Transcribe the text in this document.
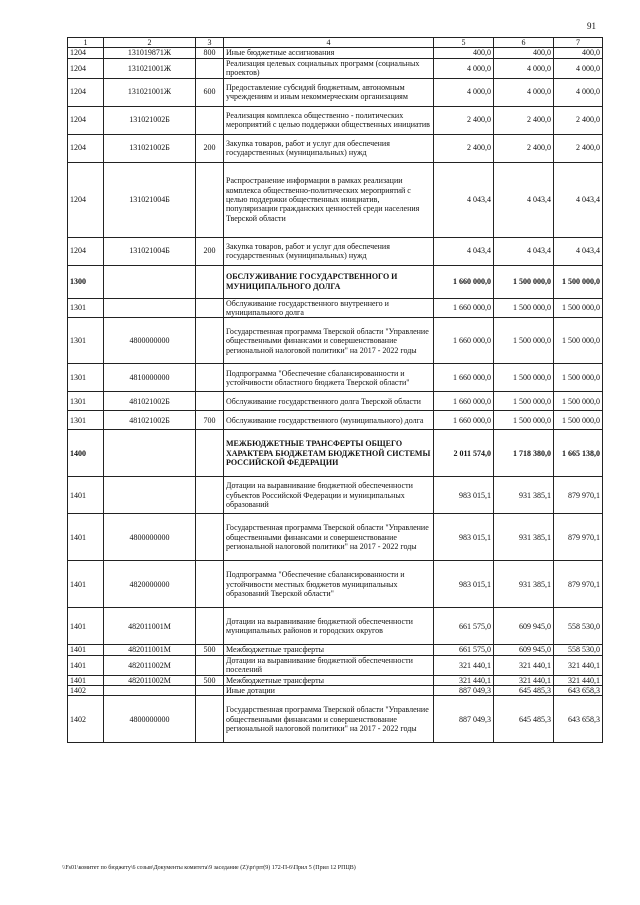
91
1	2	3	4	5	6	7
1204	131019871Ж	800	Иные бюджетные ассигнования	400,0	400,0	400,0
1204	131021001Ж		Реализация целевых социальных программ (социальных проектов)	4 000,0	4 000,0	4 000,0
1204	131021001Ж	600	Предоставление субсидий бюджетным, автономным учреждениям и иным некоммерческим организациям	4 000,0	4 000,0	4 000,0
1204	131021002Б		Реализация комплекса общественно - политических мероприятий с целью поддержки общественных инициатив	2 400,0	2 400,0	2 400,0
1204	131021002Б	200	Закупка товаров, работ и услуг для обеспечения государственных (муниципальных) нужд	2 400,0	2 400,0	2 400,0
1204	131021004Б		Распространение информации в рамках реализации комплекса общественно-политических мероприятий с целью поддержки общественных инициатив, популяризации гражданских ценностей среди населения Тверской области	4 043,4	4 043,4	4 043,4
1204	131021004Б	200	Закупка товаров, работ и услуг для обеспечения государственных (муниципальных) нужд	4 043,4	4 043,4	4 043,4
1300			ОБСЛУЖИВАНИЕ ГОСУДАРСТВЕННОГО И МУНИЦИПАЛЬНОГО ДОЛГА	1 660 000,0	1 500 000,0	1 500 000,0
1301			Обслуживание государственного внутреннего и муниципального долга	1 660 000,0	1 500 000,0	1 500 000,0
1301	4800000000		Государственная программа Тверской области "Управление общественными финансами и совершенствование региональной налоговой политики" на 2017 - 2022 годы	1 660 000,0	1 500 000,0	1 500 000,0
1301	4810000000		Подпрограмма "Обеспечение сбалансированности и устойчивости областного бюджета Тверской области"	1 660 000,0	1 500 000,0	1 500 000,0
1301	481021002Б		Обслуживание государственного долга Тверской области	1 660 000,0	1 500 000,0	1 500 000,0
1301	481021002Б	700	Обслуживание государственного (муниципального) долга	1 660 000,0	1 500 000,0	1 500 000,0
1400			МЕЖБЮДЖЕТНЫЕ ТРАНСФЕРТЫ ОБЩЕГО ХАРАКТЕРА БЮДЖЕТАМ БЮДЖЕТНОЙ СИСТЕМЫ РОССИЙСКОЙ ФЕДЕРАЦИИ	2 011 574,0	1 718 380,0	1 665 138,0
1401			Дотации на выравнивание бюджетной обеспеченности субъектов Российской Федерации и муниципальных образований	983 015,1	931 385,1	879 970,1
1401	4800000000		Государственная программа Тверской области "Управление общественными финансами и совершенствование региональной налоговой политики" на 2017 - 2022 годы	983 015,1	931 385,1	879 970,1
1401	4820000000		Подпрограмма "Обеспечение сбалансированности и устойчивости местных бюджетов муниципальных образований Тверской области"	983 015,1	931 385,1	879 970,1
1401	482011001М		Дотации на выравнивание бюджетной обеспеченности муниципальных районов и городских округов	661 575,0	609 945,0	558 530,0
1401	482011001М	500	Межбюджетные трансферты	661 575,0	609 945,0	558 530,0
1401	482011002М		Дотации на выравнивание бюджетной обеспеченности поселений	321 440,1	321 440,1	321 440,1
1401	482011002М	500	Межбюджетные трансферты	321 440,1	321 440,1	321 440,1
1402			Иные дотации	887 049,3	645 485,3	643 658,3
1402	4800000000		Государственная программа Тверской области "Управление общественными финансами и совершенствование региональной налоговой политики" на 2017 - 2022 годы	887 049,3	645 485,3	643 658,3
\\Fs01\комитет по бюджету\6 созыв\Документы комитета\9 заседание (Z)\pr\prr(9) 172-П-6\Прил 5 (Прил 12 РПЦВ)
